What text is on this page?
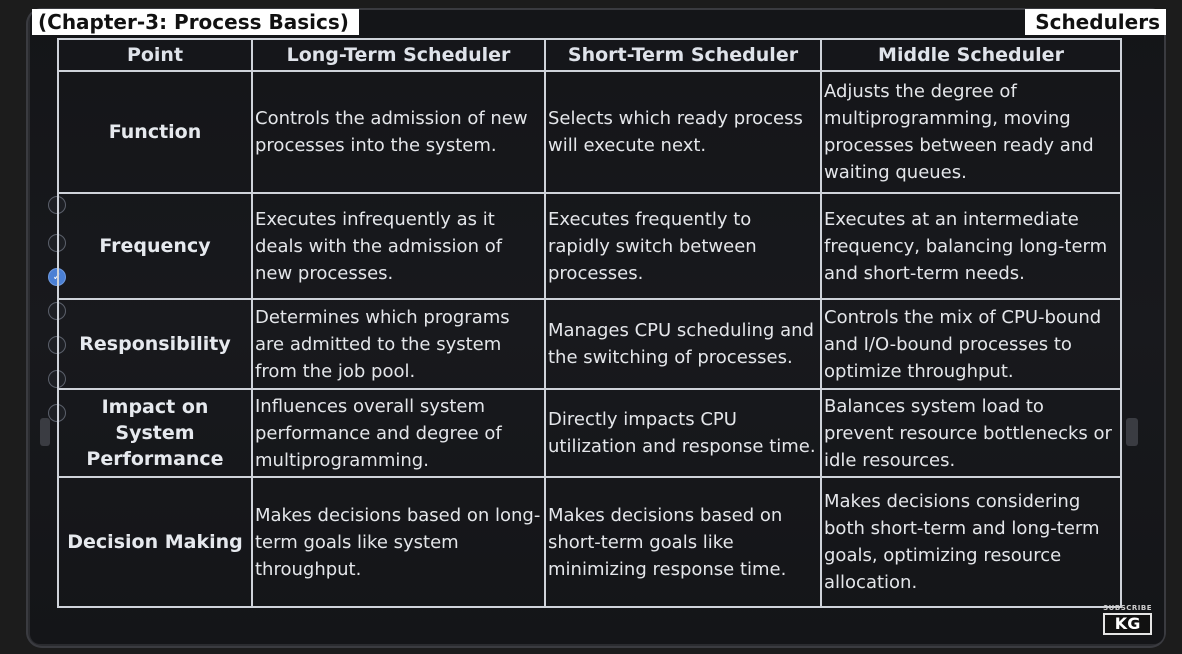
(Chapter-3: Process Basics)	Schedulers
✓
Point	Long-Term Scheduler	Short-Term Scheduler	Middle Scheduler
Function	Controls the admission of new processes into the system.	Selects which ready process will execute next.	Adjusts the degree of multiprogramming, moving processes between ready and waiting queues.
Frequency	Executes infrequently as it deals with the admission of new processes.	Executes frequently to rapidly switch between processes.	Executes at an intermediate frequency, balancing long-term and short-term needs.
Responsibility	Determines which programs are admitted to the system from the job pool.	Manages CPU scheduling and the switching of processes.	Controls the mix of CPU-bound and I/O-bound processes to optimize throughput.
Impact on System Performance	Influences overall system performance and degree of multiprogramming.	Directly impacts CPU utilization and response time.	Balances system load to prevent resource bottlenecks or idle resources.
Decision Making	Makes decisions based on long-term goals like system throughput.	Makes decisions based on short-term goals like minimizing response time.	Makes decisions considering both short-term and long-term goals, optimizing resource allocation.
SUBSCRIBE
KG
